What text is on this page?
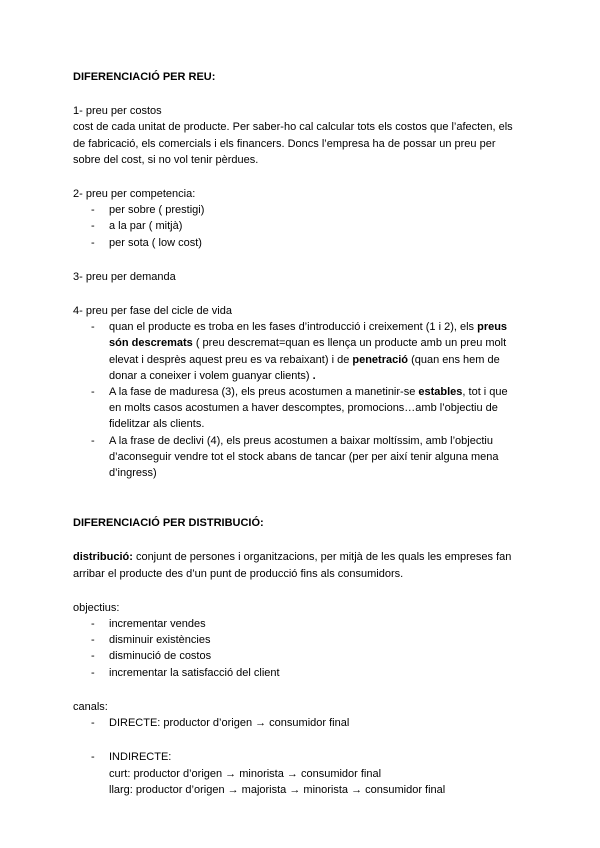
DIFERENCIACIÓ PER REU:

1- preu per costos

cost de cada unitat de producte. Per saber-ho cal calcular tots els costos que l’afecten, els de fabricació, els comercials i els financers. Doncs l’empresa ha de possar un preu per sobre del cost, si no vol tenir pèrdues.

2- preu per competencia:

- per sobre ( prestigi)
- a la par ( mitjà)
- per sota ( low cost)

3- preu per demanda

4- preu per fase del cicle de vida

- quan el producte es troba en les fases d’introducció i creixement (1 i 2), els preus són descremats ( preu descremat=quan es llença un producte amb un preu molt elevat i desprès aquest preu es va rebaixant) i de penetració (quan ens hem de donar a coneixer i volem guanyar clients) .
- A la fase de maduresa (3), els preus acostumen a manetinir-se estables, tot i que en molts casos acostumen a haver descomptes, promocions…amb l’objectiu de fidelitzar als clients.
- A la frase de declivi (4), els preus acostumen a baixar moltíssim, amb l’objectiu d’aconseguir vendre tot el stock abans de tancar (per per així tenir alguna mena d’ingress)

DIFERENCIACIÓ PER DISTRIBUCIÓ:

distribució: conjunt de persones i organitzacions, per mitjà de les quals les empreses fan arribar el producte des d’un punt de producció fins als consumidors.

objectius:

- incrementar vendes
- disminuir existències
- disminució de costos
- incrementar la satisfacció del client

canals:

- DIRECTE: productor d’origen → consumidor final
- INDIRECTE:

curt: productor d’origen → minorista → consumidor final

llarg: productor d’origen → majorista → minorista → consumidor final
